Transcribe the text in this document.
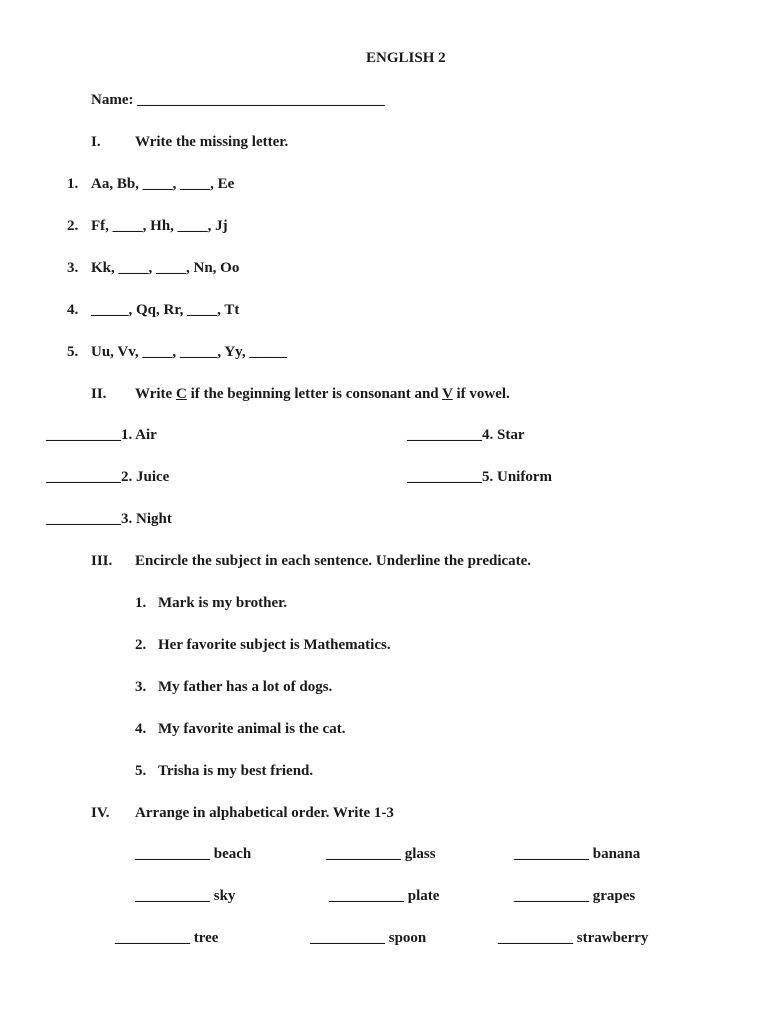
ENGLISH 2
Name: _________________________________
I. Write the missing letter.
1. Aa, Bb, ____, ____, Ee
2. Ff, ____, Hh, ____, Jj
3. Kk, ____, ____, Nn, Oo
4. _____, Qq, Rr, ____, Tt
5. Uu, Vv, ____, _____, Yy, _____
II. Write C if the beginning letter is consonant and V if vowel.
__________1. Air
__________2. Juice
__________3. Night
__________4. Star
__________5. Uniform
III. Encircle the subject in each sentence. Underline the predicate.
1. Mark is my brother.
2. Her favorite subject is Mathematics.
3. My father has a lot of dogs.
4. My favorite animal is the cat.
5. Trisha is my best friend.
IV. Arrange in alphabetical order. Write 1-3
__________ beach	__________ glass	__________ banana
__________ sky	__________ plate	__________ grapes
__________ tree	__________ spoon	__________ strawberry
